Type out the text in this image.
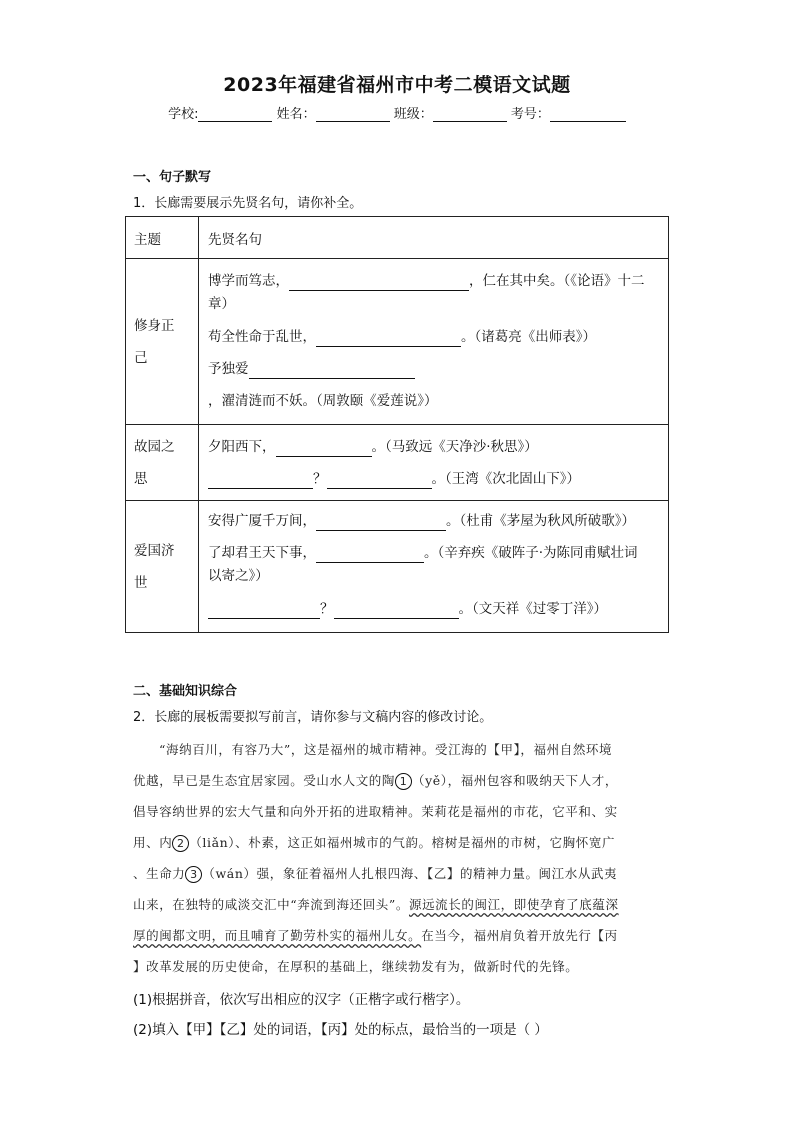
2023年福建省福州市中考二模语文试题
学校:	姓名：	班级：	考号：
一、句子默写
1．长廊需要展示先贤名句，请你补全。
主题	先贤名句

修身正己	博学而笃志， ，仁在其中矣。（《论语》十二
章）
苟全性命于乱世， 。（诸葛亮《出师表》）
予独爱
，濯清涟而不妖。（周敦颐《爱莲说》）

故园之思	夕阳西下， 。（马致远《天净沙·秋思》）
？ 。（王湾《次北固山下》）

爱国济世	安得广厦千万间， 。（杜甫《茅屋为秋风所破歌》）
了却君王天下事， 。（辛弃疾《破阵子·为陈同甫赋壮词
以寄之》）
？ 。（文天祥《过零丁洋》）
二、基础知识综合
2．长廊的展板需要拟写前言，请你参与文稿内容的修改讨论。
“海纳百川，有容乃大”，这是福州的城市精神。受江海的【甲】，福州自然环境
优越，早已是生态宜居家园。受山水人文的陶 1 （yě），福州包容和吸纳天下人才，
倡导容纳世界的宏大气量和向外开拓的进取精神。茉莉花是福州的市花，它平和、实
用、内 2 （liǎn）、朴素，这正如福州城市的气韵。榕树是福州的市树，它胸怀宽广
、生命力 3 （wán）强，象征着福州人扎根四海、【乙】的精神力量。闽江水从武夷
山来，在独特的咸淡交汇中“奔流到海还回头”。源远流长的闽江，即使孕育了底蕴深
厚的闽都文明，而且哺育了勤劳朴实的福州儿女。在当今，福州肩负着开放先行【丙
】改革发展的历史使命，在厚积的基础上，继续勃发有为，做新时代的先锋。
(1)根据拼音，依次写出相应的汉字（正楷字或行楷字）。
(2)填入【甲】【乙】处的词语，【丙】处的标点，最恰当的一项是（ ）
